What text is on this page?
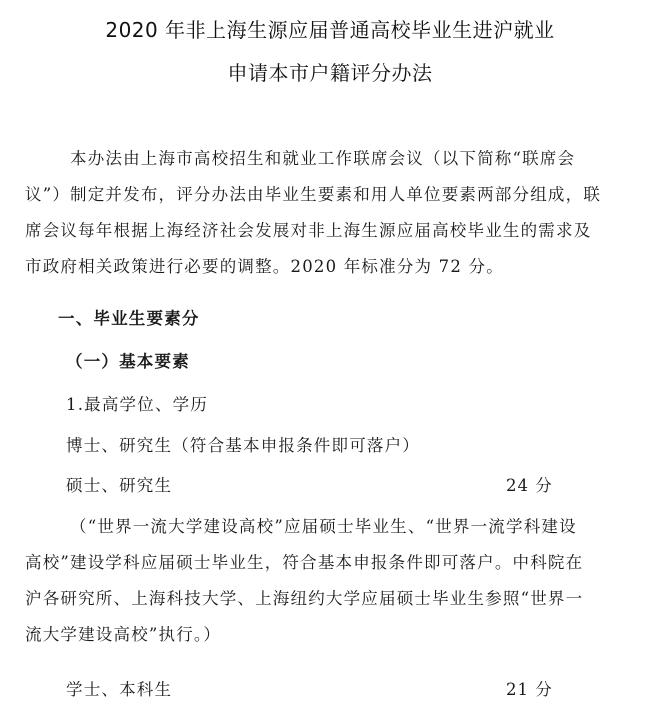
2020 年非上海生源应届普通高校毕业生进沪就业
申请本市户籍评分办法
本办法由上海市高校招生和就业工作联席会议（以下简称“联席会
议”）制定并发布，评分办法由毕业生要素和用人单位要素两部分组成，联
席会议每年根据上海经济社会发展对非上海生源应届高校毕业生的需求及
市政府相关政策进行必要的调整。2020 年标准分为 72 分。
一、毕业生要素分
（一）基本要素
1.最高学位、学历
博士、研究生（符合基本申报条件即可落户）
硕士、研究生	24 分
（“世界一流大学建设高校”应届硕士毕业生、“世界一流学科建设
高校”建设学科应届硕士毕业生，符合基本申报条件即可落户。中科院在
沪各研究所、上海科技大学、上海纽约大学应届硕士毕业生参照“世界一
流大学建设高校”执行。）
学士、本科生	21 分
